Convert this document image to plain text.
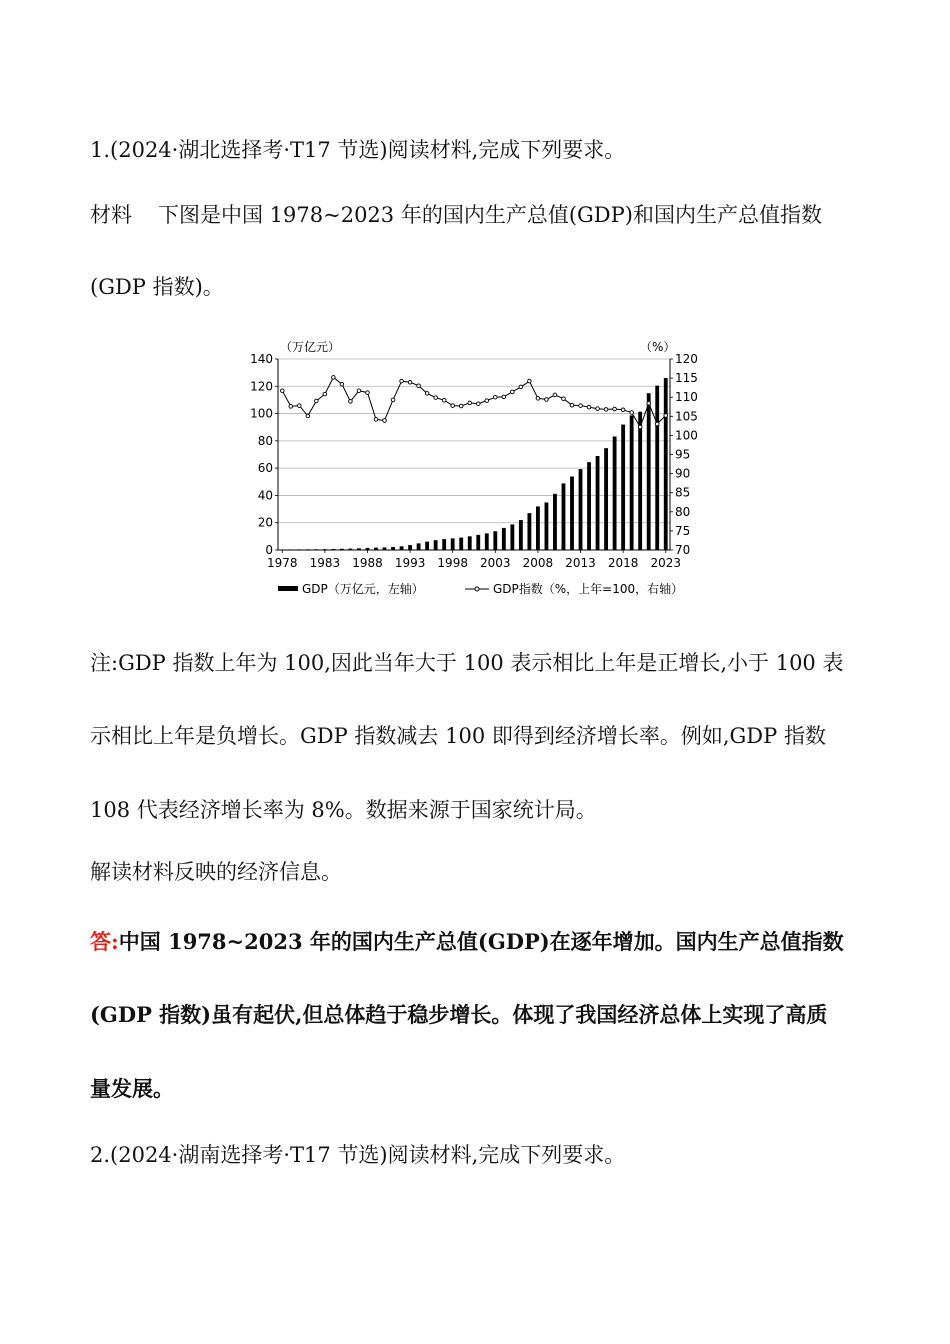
1.(2024·湖北选择考·T17 节选)阅读材料,完成下列要求。
材料 下图是中国 1978~2023 年的国内生产总值(GDP)和国内生产总值指数
(GDP 指数)。
（万亿元）	（%）
0
20
40
60
80
100
120
140
70
75
80
85
90
95
100
105
110
115
120
1978 1983 1988 1993 1998 2003 2008 2013 2018 2023
GDP（万亿元，左轴）	GDP指数（%，上年=100，右轴）
注:GDP 指数上年为 100,因此当年大于 100 表示相比上年是正增长,小于 100 表
示相比上年是负增长。GDP 指数减去 100 即得到经济增长率。例如,GDP 指数
108 代表经济增长率为 8%。数据来源于国家统计局。
解读材料反映的经济信息。
答:中国 1978~2023 年的国内生产总值(GDP)在逐年增加。国内生产总值指数
(GDP 指数)虽有起伏,但总体趋于稳步增长。体现了我国经济总体上实现了高质
量发展。
2.(2024·湖南选择考·T17 节选)阅读材料,完成下列要求。
